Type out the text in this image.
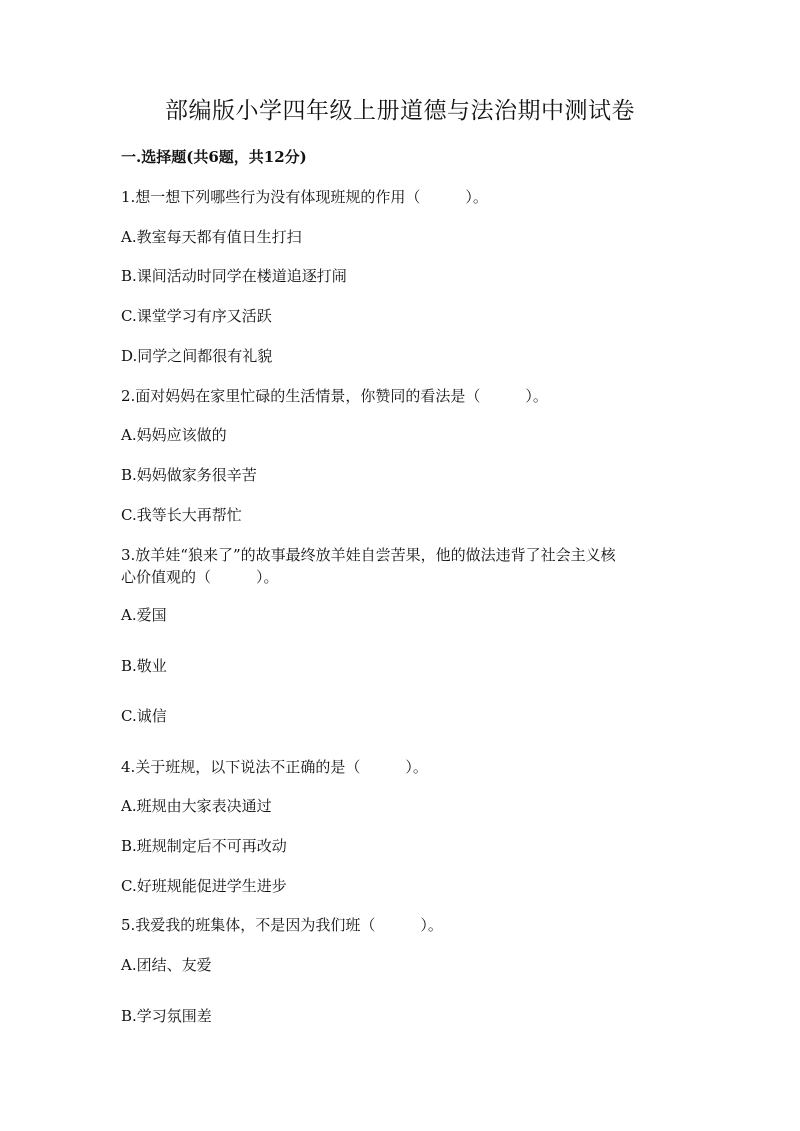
部编版小学四年级上册道德与法治期中测试卷
一.选择题(共6题，共12分)
1.想一想下列哪些行为没有体现班规的作用（　　　）。
A.教室每天都有值日生打扫
B.课间活动时同学在楼道追逐打闹
C.课堂学习有序又活跃
D.同学之间都很有礼貌
2.面对妈妈在家里忙碌的生活情景，你赞同的看法是（　　　）。
A.妈妈应该做的
B.妈妈做家务很辛苦
C.我等长大再帮忙
3.放羊娃“狼来了”的故事最终放羊娃自尝苦果，他的做法违背了社会主义核
心价值观的（　　　）。
A.爱国
B.敬业
C.诚信
4.关于班规，以下说法不正确的是（　　　）。
A.班规由大家表决通过
B.班规制定后不可再改动
C.好班规能促进学生进步
5.我爱我的班集体，不是因为我们班（　　　）。
A.团结、友爱
B.学习氛围差
